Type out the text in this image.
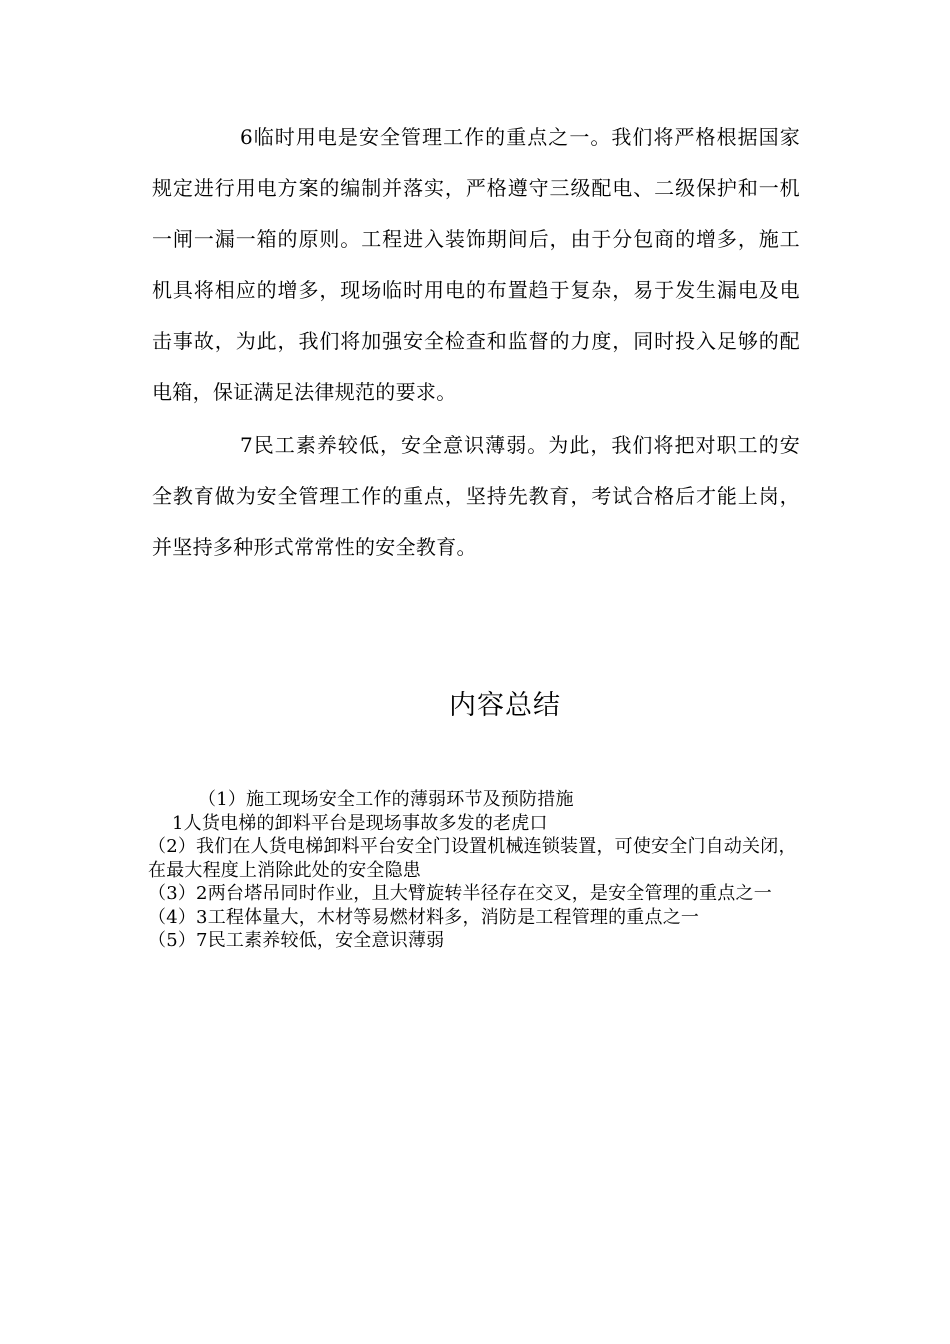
6临时用电是安全管理工作的重点之一。我们将严格根据国家规定进行用电方案的编制并落实，严格遵守三级配电、二级保护和一机一闸一漏一箱的原则。工程进入装饰期间后，由于分包商的增多，施工机具将相应的增多，现场临时用电的布置趋于复杂，易于发生漏电及电击事故，为此，我们将加强安全检查和监督的力度，同时投入足够的配电箱，保证满足法律规范的要求。

7民工素养较低，安全意识薄弱。为此，我们将把对职工的安全教育做为安全管理工作的重点，坚持先教育，考试合格后才能上岗，并坚持多种形式常常性的安全教育。

内容总结

（1）施工现场安全工作的薄弱环节及预防措施

1人货电梯的卸料平台是现场事故多发的老虎口

（2）我们在人货电梯卸料平台安全门设置机械连锁装置，可使安全门自动关闭，在最大程度上消除此处的安全隐患

（3）2两台塔吊同时作业，且大臂旋转半径存在交叉，是安全管理的重点之一

（4）3工程体量大，木材等易燃材料多，消防是工程管理的重点之一

（5）7民工素养较低，安全意识薄弱
